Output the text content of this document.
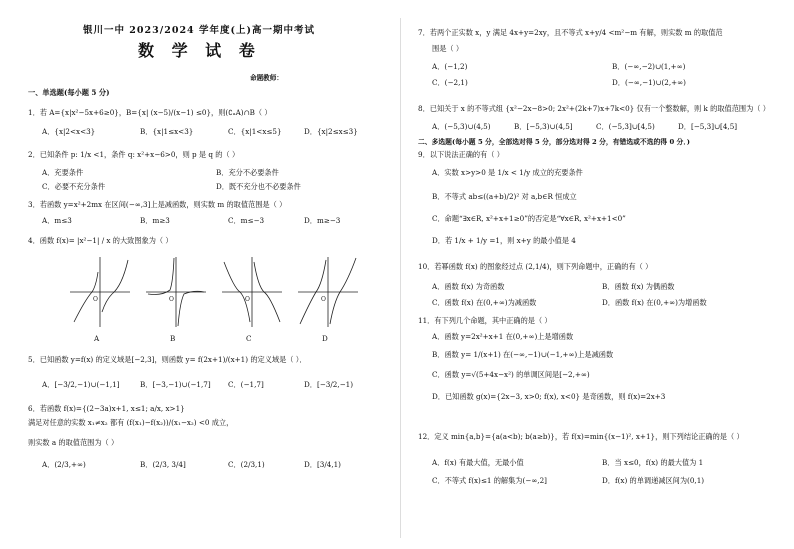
银川一中 2023/2024 学年度(上)高一期中考试
数 学 试 卷
命题教师：
一、单选题(每小题 5 分)
1．若 A={x|x²−5x+6≥0}，B={x| (x−5)/(x−1) ≤0}，则(∁ₐA)∩B（ ）
A．{x|2<x<3}	B．{x|1≤x<3}	C．{x|1<x≤5}	D．{x|2≤x≤3}
2．已知条件 p: 1/x <1，条件 q: x²+x−6>0，则 p 是 q 的（ ）
A．充要条件	B．充分不必要条件
C．必要不充分条件	D．既不充分也不必要条件
3．若函数 y=x²+2mx 在区间(−∞,3]上是减函数，则实数 m 的取值范围是（ ）
A．m≤3	B．m≥3	C．m≤−3	D．m≥−3
4．函数 f(x)= |x²−1| / x 的大致图象为（ ）
O	O	O	O
A	B	C	D
5．已知函数 y=f(x) 的定义域是[−2,3]，则函数 y= f(2x+1)/(x+1) 的定义域是（ ）．
A．[−3/2,−1)∪(−1,1]	B．[−3,−1)∪(−1,7] C．(−1,7]	D．[−3/2,−1)
6．若函数 f(x)={(2−3a)x+1, x≤1; a/x, x>1}
满足对任意的实数 x₁≠x₂ 都有 (f(x₁)−f(x₂))/(x₁−x₂) <0 成立，
则实数 a 的取值范围为（ ）
A．(2/3,+∞)	B．(2/3, 3/4]	C．(2/3,1)	D．[3/4,1)
7．若两个正实数 x，y 满足 4x+y=2xy，且不等式 x+y/4 <m²−m 有解，则实数 m 的取值范
围是（ ）
A．(−1,2)	B．(−∞,−2)∪(1,+∞)
C．(−2,1)	D．(−∞,−1)∪(2,+∞)
8．已知关于 x 的不等式组 {x²−2x−8>0; 2x²+(2k+7)x+7k<0} 仅有一个整数解，则 k 的取值范围为（ ）
A．(−5,3)∪(4,5)	B．[−5,3)∪(4,5]	C．(−5,3]∪[4,5)	D．[−5,3]∪[4,5]
二、多选题(每小题 5 分，全部选对得 5 分，部分选对得 2 分，有错选或不选的得 0 分．)
9．以下说法正确的有（ ）
A．实数 x>y>0 是 1/x < 1/y 成立的充要条件
B．不等式 ab≤((a+b)/2)² 对 a,b∈R 恒成立
C．命题“∃x∈R, x²+x+1≥0”的否定是“∀x∈R, x²+x+1<0”
D．若 1/x + 1/y =1，则 x+y 的最小值是 4
10．若幂函数 f(x) 的图象经过点 (2,1/4)，则下列命题中，正确的有（ ）
A．函数 f(x) 为奇函数	B．函数 f(x) 为偶函数
C．函数 f(x) 在(0,+∞)为减函数	D．函数 f(x) 在(0,+∞)为增函数
11．有下列几个命题，其中正确的是（ ）
A．函数 y=2x²+x+1 在(0,+∞)上是增函数
B．函数 y= 1/(x+1) 在(−∞,−1)∪(−1,+∞)上是减函数
C．函数 y=√(5+4x−x²) 的单调区间是[−2,+∞)
D．已知函数 g(x)={2x−3, x>0; f(x), x<0} 是奇函数，则 f(x)=2x+3
12．定义 min{a,b}={a(a<b); b(a≥b)}，若 f(x)=min{(x−1)², x+1}，则下列结论正确的是（ ）
A．f(x) 有最大值，无最小值	B．当 x≤0，f(x) 的最大值为 1
C．不等式 f(x)≤1 的解集为(−∞,2]	D．f(x) 的单调递减区间为(0,1)
